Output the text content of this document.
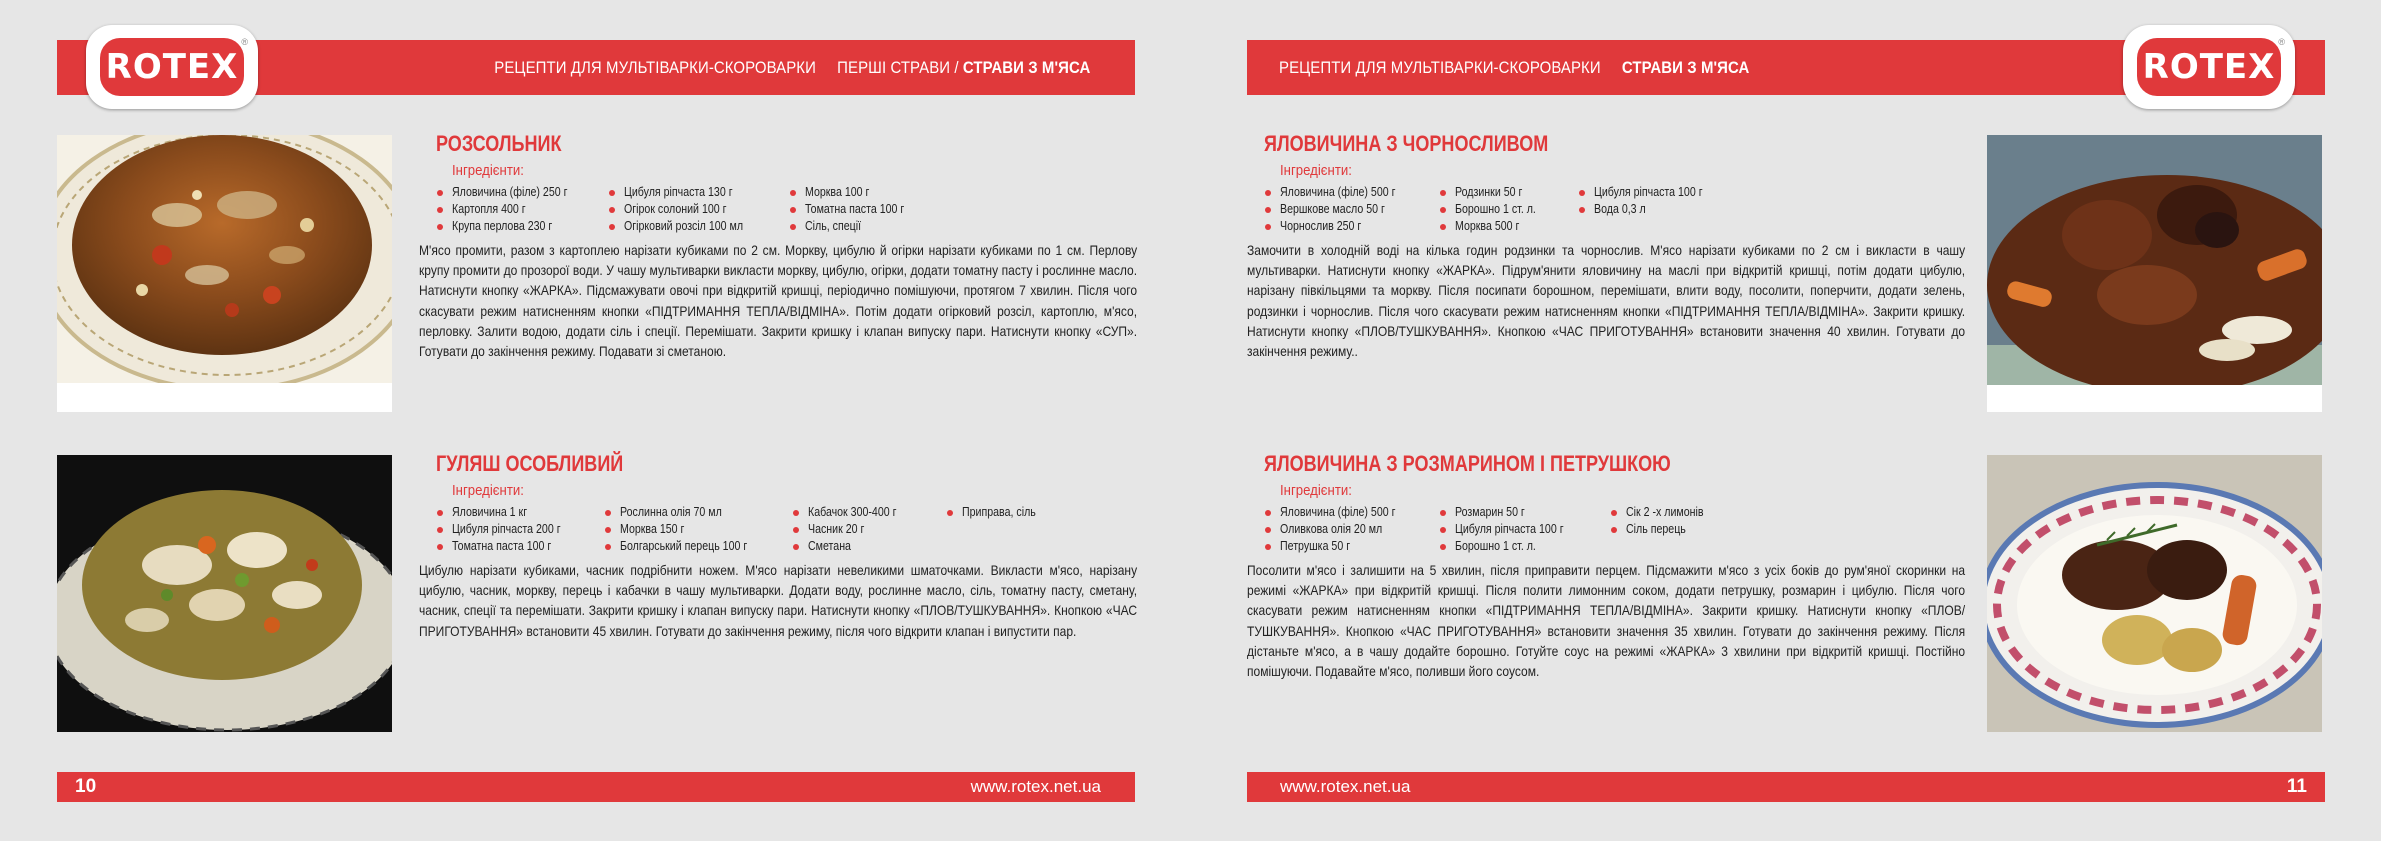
РЕЦЕПТИ ДЛЯ МУЛЬТІВАРКИ-СКОРОВАРКИ ПЕРШІ СТРАВИ / СТРАВИ З М'ЯСА
ROTEX
®
РОЗСОЛЬНИК
Інгредієнти:
Яловичина (філе) 250 г
Картопля 400 г
Крупа перлова 230 г
Цибуля ріпчаста 130 г
Огірок солоний 100 г
Огірковий розсіл 100 мл
Морква 100 г
Томатна паста 100 г
Сіль, спеції
М'ясо промити, разом з картоплею нарізати кубиками по 2 см. Моркву, цибулю й огірки нарізати кубиками по 1 см. Перлову крупу промити до прозорої води. У чашу мультиварки викласти моркву, цибулю, огірки, додати томатну пасту і рослинне масло. Натиснути кнопку «ЖАРКА». Підсмажувати овочі при відкритій кришці, періодично помішуючи, протягом 7 хвилин. Після чого скасувати режим натисненням кнопки «ПІДТРИМАННЯ ТЕПЛА/ВІДМІНА». Потім додати огірковий розсіл, картоплю, м'ясо, перловку. Залити водою, додати сіль і спеції. Перемішати. Закрити кришку і клапан випуску пари. Натиснути кнопку «СУП». Готувати до закінчення режиму. Подавати зі сметаною.
ГУЛЯШ ОСОБЛИВИЙ
Інгредієнти:
Яловичина 1 кг
Цибуля ріпчаста 200 г
Томатна паста 100 г
Рослинна олія 70 мл
Морква 150 г
Болгарський перець 100 г
Кабачок 300-400 г
Часник 20 г
Сметана
Приправа, сіль
Цибулю нарізати кубиками, часник подрібнити ножем. М'ясо нарізати невеликими шматочками. Викласти м'ясо, нарізану цибулю, часник, моркву, перець і кабачки в чашу мультиварки. Додати воду, рослинне масло, сіль, томатну пасту, сметану, часник, спеції та перемішати. Закрити кришку і клапан випуску пари. Натиснути кнопку «ПЛОВ/ТУШКУВАННЯ». Кнопкою «ЧАС ПРИГОТУВАННЯ» встановити 45 хвилин. Готувати до закінчення режиму, після чого відкрити клапан і випустити пар.
10	www.rotex.net.ua
РЕЦЕПТИ ДЛЯ МУЛЬТІВАРКИ-СКОРОВАРКИ СТРАВИ З М'ЯСА	ROTEX
®
ЯЛОВИЧИНА З ЧОРНОСЛИВОМ
Інгредієнти:
Яловичина (філе) 500 г
Вершкове масло 50 г
Чорнослив 250 г
Родзинки 50 г
Борошно 1 ст. л.
Морква 500 г
Цибуля ріпчаста 100 г
Вода 0,3 л
Замочити в холодній воді на кілька годин родзинки та чорнослив. М'ясо нарізати кубиками по 2 см і викласти в чашу мультиварки. Натиснути кнопку «ЖАРКА». Підрум'янити яловичину на маслі при відкритій кришці, потім додати цибулю, нарізану півкільцями та моркву. Після посипати борошном, перемішати, влити воду, посолити, поперчити, додати зелень, родзинки і чорнослив. Після чого скасувати режим натисненням кнопки «ПІДТРИМАННЯ ТЕПЛА/ВІДМІНА». Закрити кришку. Натиснути кнопку «ПЛОВ/ТУШКУВАННЯ». Кнопкою «ЧАС ПРИГОТУВАННЯ» встановити значення 40 хвилин. Готувати до закінчення режиму..
ЯЛОВИЧИНА З РОЗМАРИНОМ І ПЕТРУШКОЮ
Інгредієнти:
Яловичина (філе) 500 г
Оливкова олія 20 мл
Петрушка 50 г
Розмарин 50 г
Цибуля ріпчаста 100 г
Борошно 1 ст. л.
Сік 2 -х лимонів
Сіль перець
Посолити м'ясо і залишити на 5 хвилин, після приправити перцем. Підсмажити м'ясо з усіх боків до рум'яної скоринки на режимі «ЖАРКА» при відкритій кришці. Після полити лимонним соком, додати петрушку, розмарин і цибулю. Після чого скасувати режим натисненням кнопки «ПІДТРИМАННЯ ТЕПЛА/ВІДМІНА». Закрити кришку. Натиснути кнопку «ПЛОВ/ТУШКУВАННЯ». Кнопкою «ЧАС ПРИГОТУВАННЯ» встановити значення 35 хвилин. Готувати до закінчення режиму. Після дістаньте м'ясо, а в чашу додайте борошно. Готуйте соус на режимі «ЖАРКА» 3 хвилини при відкритій кришці. Постійно помішуючи. Подавайте м'ясо, поливши його соусом.
www.rotex.net.ua	11
